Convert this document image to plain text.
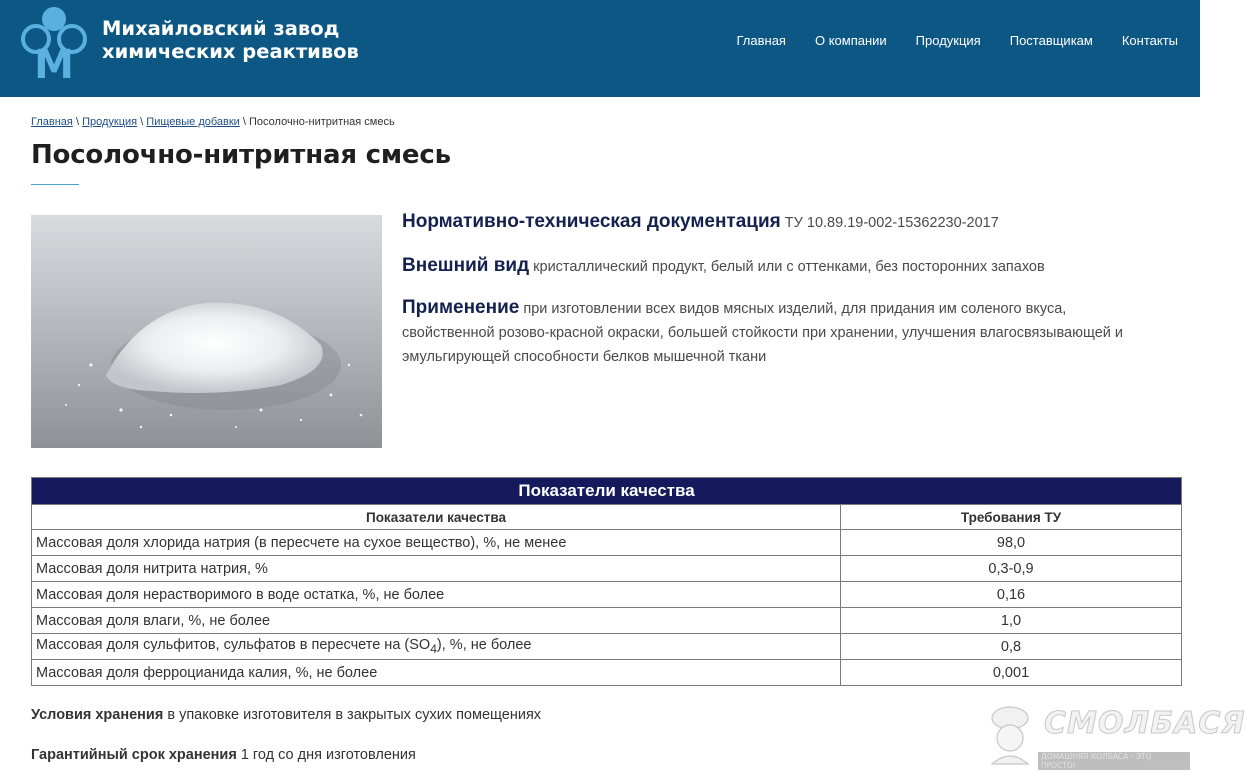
M
Михайловский завод
химических реактивов	Главная О компании Продукция Поставщикам Контакты
Главная \ Продукция \ Пищевые добавки \ Посолочно-нитритная смесь
Посолочно-нитритная смесь
Нормативно-техническая документация ТУ 10.89.19-002-15362230-2017
Внешний вид кристаллический продукт, белый или с оттенками, без посторонних запахов
Применение при изготовлении всех видов мясных изделий, для придания им соленого вкуса, свойственной розово-красной окраски, большей стойкости при хранении, улучшения влагосвязывающей и эмульгирующей способности белков мышечной ткани
Показатели качества	
Показатели качества	Требования ТУ
Массовая доля хлорида натрия (в пересчете на сухое вещество), %, не менее	98,0
Массовая доля нитрита натрия, %	0,3-0,9
Массовая доля нерастворимого в воде остатка, %, не более	0,16
Массовая доля влаги, %, не более	1,0
Массовая доля сульфитов, сульфатов в пересчете на $(SO_4)$, %, не более	0,8
Массовая доля ферроцианида калия, %, не более	0,001
Условия хранения в упаковке изготовителя в закрытых сухих помещениях
Гарантийный срок хранения 1 год со дня изготовления
СМОЛБАСЯ
ДОМАШНЯЯ КОЛБАСА - ЭТО ПРОСТО!
